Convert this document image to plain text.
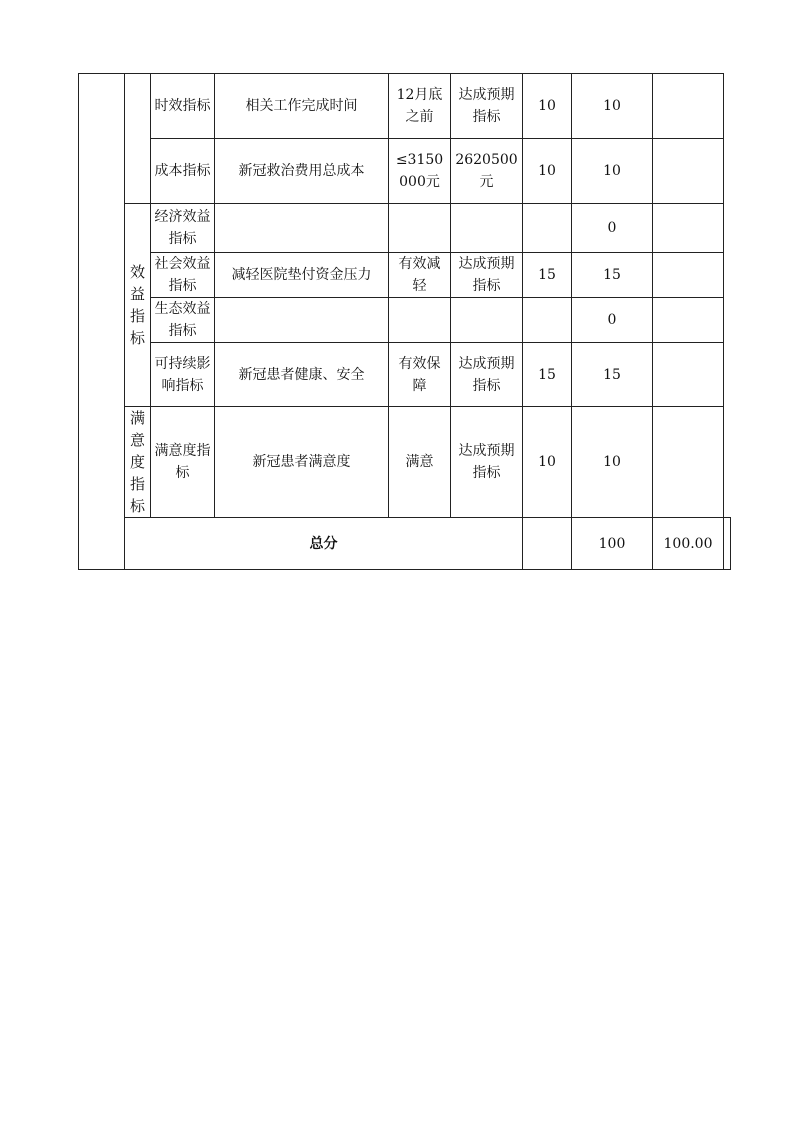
		时效指标	相关工作完成时间	12月底之前	达成预期指标	10	10		
		成本指标	新冠救治费用总成本	≤3150000元	2620500元	10	10		
	效益指标	经济效益指标					0		
		社会效益指标	减轻医院垫付资金压力	有效减轻	达成预期指标	15	15		
		生态效益指标					0		
		可持续影响指标	新冠患者健康、安全	有效保障	达成预期指标	15	15		
	满意度指标	满意度指标	新冠患者满意度	满意	达成预期指标	10	10		
	总分						100	100.00	
